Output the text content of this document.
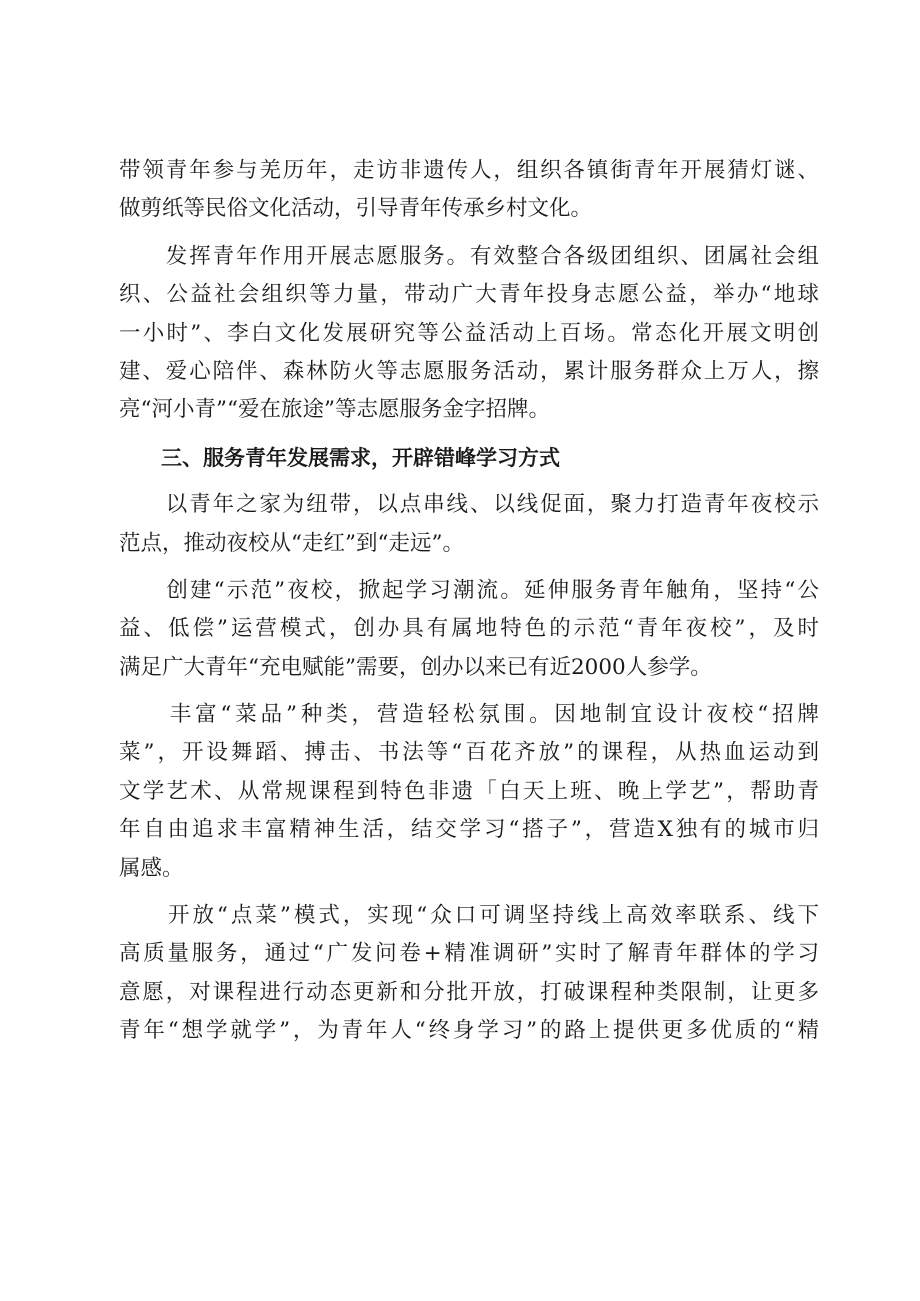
带领青年参与羌历年，走访非遗传人，组织各镇街青年开展猜灯谜、
做剪纸等民俗文化活动，引导青年传承乡村文化。
　　发挥青年作用开展志愿服务。有效整合各级团组织、团属社会组
织、公益社会组织等力量，带动广大青年投身志愿公益，举办“地球
一小时”、李白文化发展研究等公益活动上百场。常态化开展文明创
建、爱心陪伴、森林防火等志愿服务活动，累计服务群众上万人，擦
亮“河小青”“爱在旅途”等志愿服务金字招牌。
　　三、服务青年发展需求，开辟错峰学习方式
　　以青年之家为纽带，以点串线、以线促面，聚力打造青年夜校示
范点，推动夜校从“走红”到“走远”。
　　创建“示范”夜校，掀起学习潮流。延伸服务青年触角，坚持“公
益、低偿”运营模式，创办具有属地特色的示范“青年夜校”，及时
满足广大青年“充电赋能”需要，创办以来已有近2000人参学。
　　丰富“菜品”种类，营造轻松氛围。因地制宜设计夜校“招牌
菜”，开设舞蹈、搏击、书法等“百花齐放”的课程，从热血运动到
文学艺术、从常规课程到特色非遗「白天上班、晚上学艺”，帮助青
年自由追求丰富精神生活，结交学习“搭子”，营造X独有的城市归
属感。
　　开放“点菜”模式，实现“众口可调坚持线上高效率联系、线下
高质量服务，通过“广发问卷+精准调研”实时了解青年群体的学习
意愿，对课程进行动态更新和分批开放，打破课程种类限制，让更多
青年“想学就学”，为青年人“终身学习”的路上提供更多优质的“精
